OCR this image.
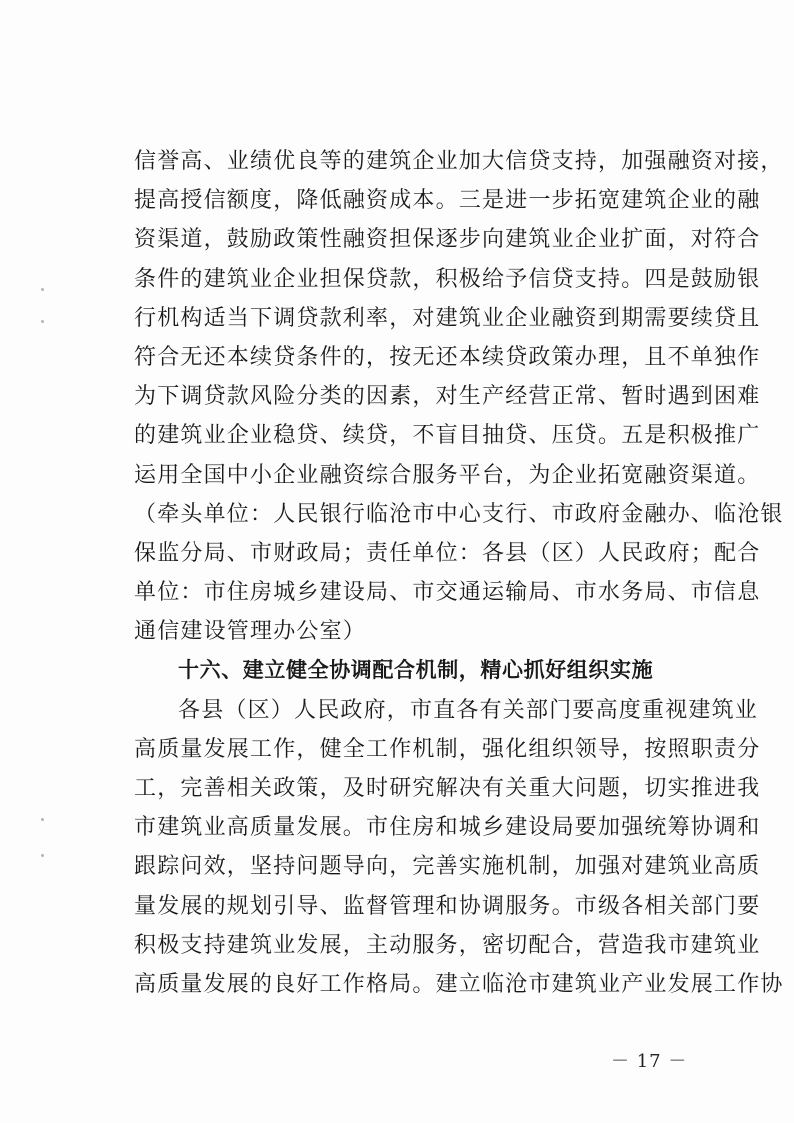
信誉高、业绩优良等的建筑企业加大信贷支持，加强融资对接，
提高授信额度，降低融资成本。三是进一步拓宽建筑企业的融
资渠道，鼓励政策性融资担保逐步向建筑业企业扩面，对符合
条件的建筑业企业担保贷款，积极给予信贷支持。四是鼓励银
行机构适当下调贷款利率，对建筑业企业融资到期需要续贷且
符合无还本续贷条件的，按无还本续贷政策办理，且不单独作
为下调贷款风险分类的因素，对生产经营正常、暂时遇到困难
的建筑业企业稳贷、续贷，不盲目抽贷、压贷。五是积极推广
运用全国中小企业融资综合服务平台，为企业拓宽融资渠道。
（牵头单位：人民银行临沧市中心支行、市政府金融办、临沧银
保监分局、市财政局；责任单位：各县（区）人民政府；配合
单位：市住房城乡建设局、市交通运输局、市水务局、市信息
通信建设管理办公室）
十六、建立健全协调配合机制，精心抓好组织实施
各县（区）人民政府，市直各有关部门要高度重视建筑业
高质量发展工作，健全工作机制，强化组织领导，按照职责分
工，完善相关政策，及时研究解决有关重大问题，切实推进我
市建筑业高质量发展。市住房和城乡建设局要加强统筹协调和
跟踪问效，坚持问题导向，完善实施机制，加强对建筑业高质
量发展的规划引导、监督管理和协调服务。市级各相关部门要
积极支持建筑业发展，主动服务，密切配合，营造我市建筑业
高质量发展的良好工作格局。建立临沧市建筑业产业发展工作协
－ 17 －
